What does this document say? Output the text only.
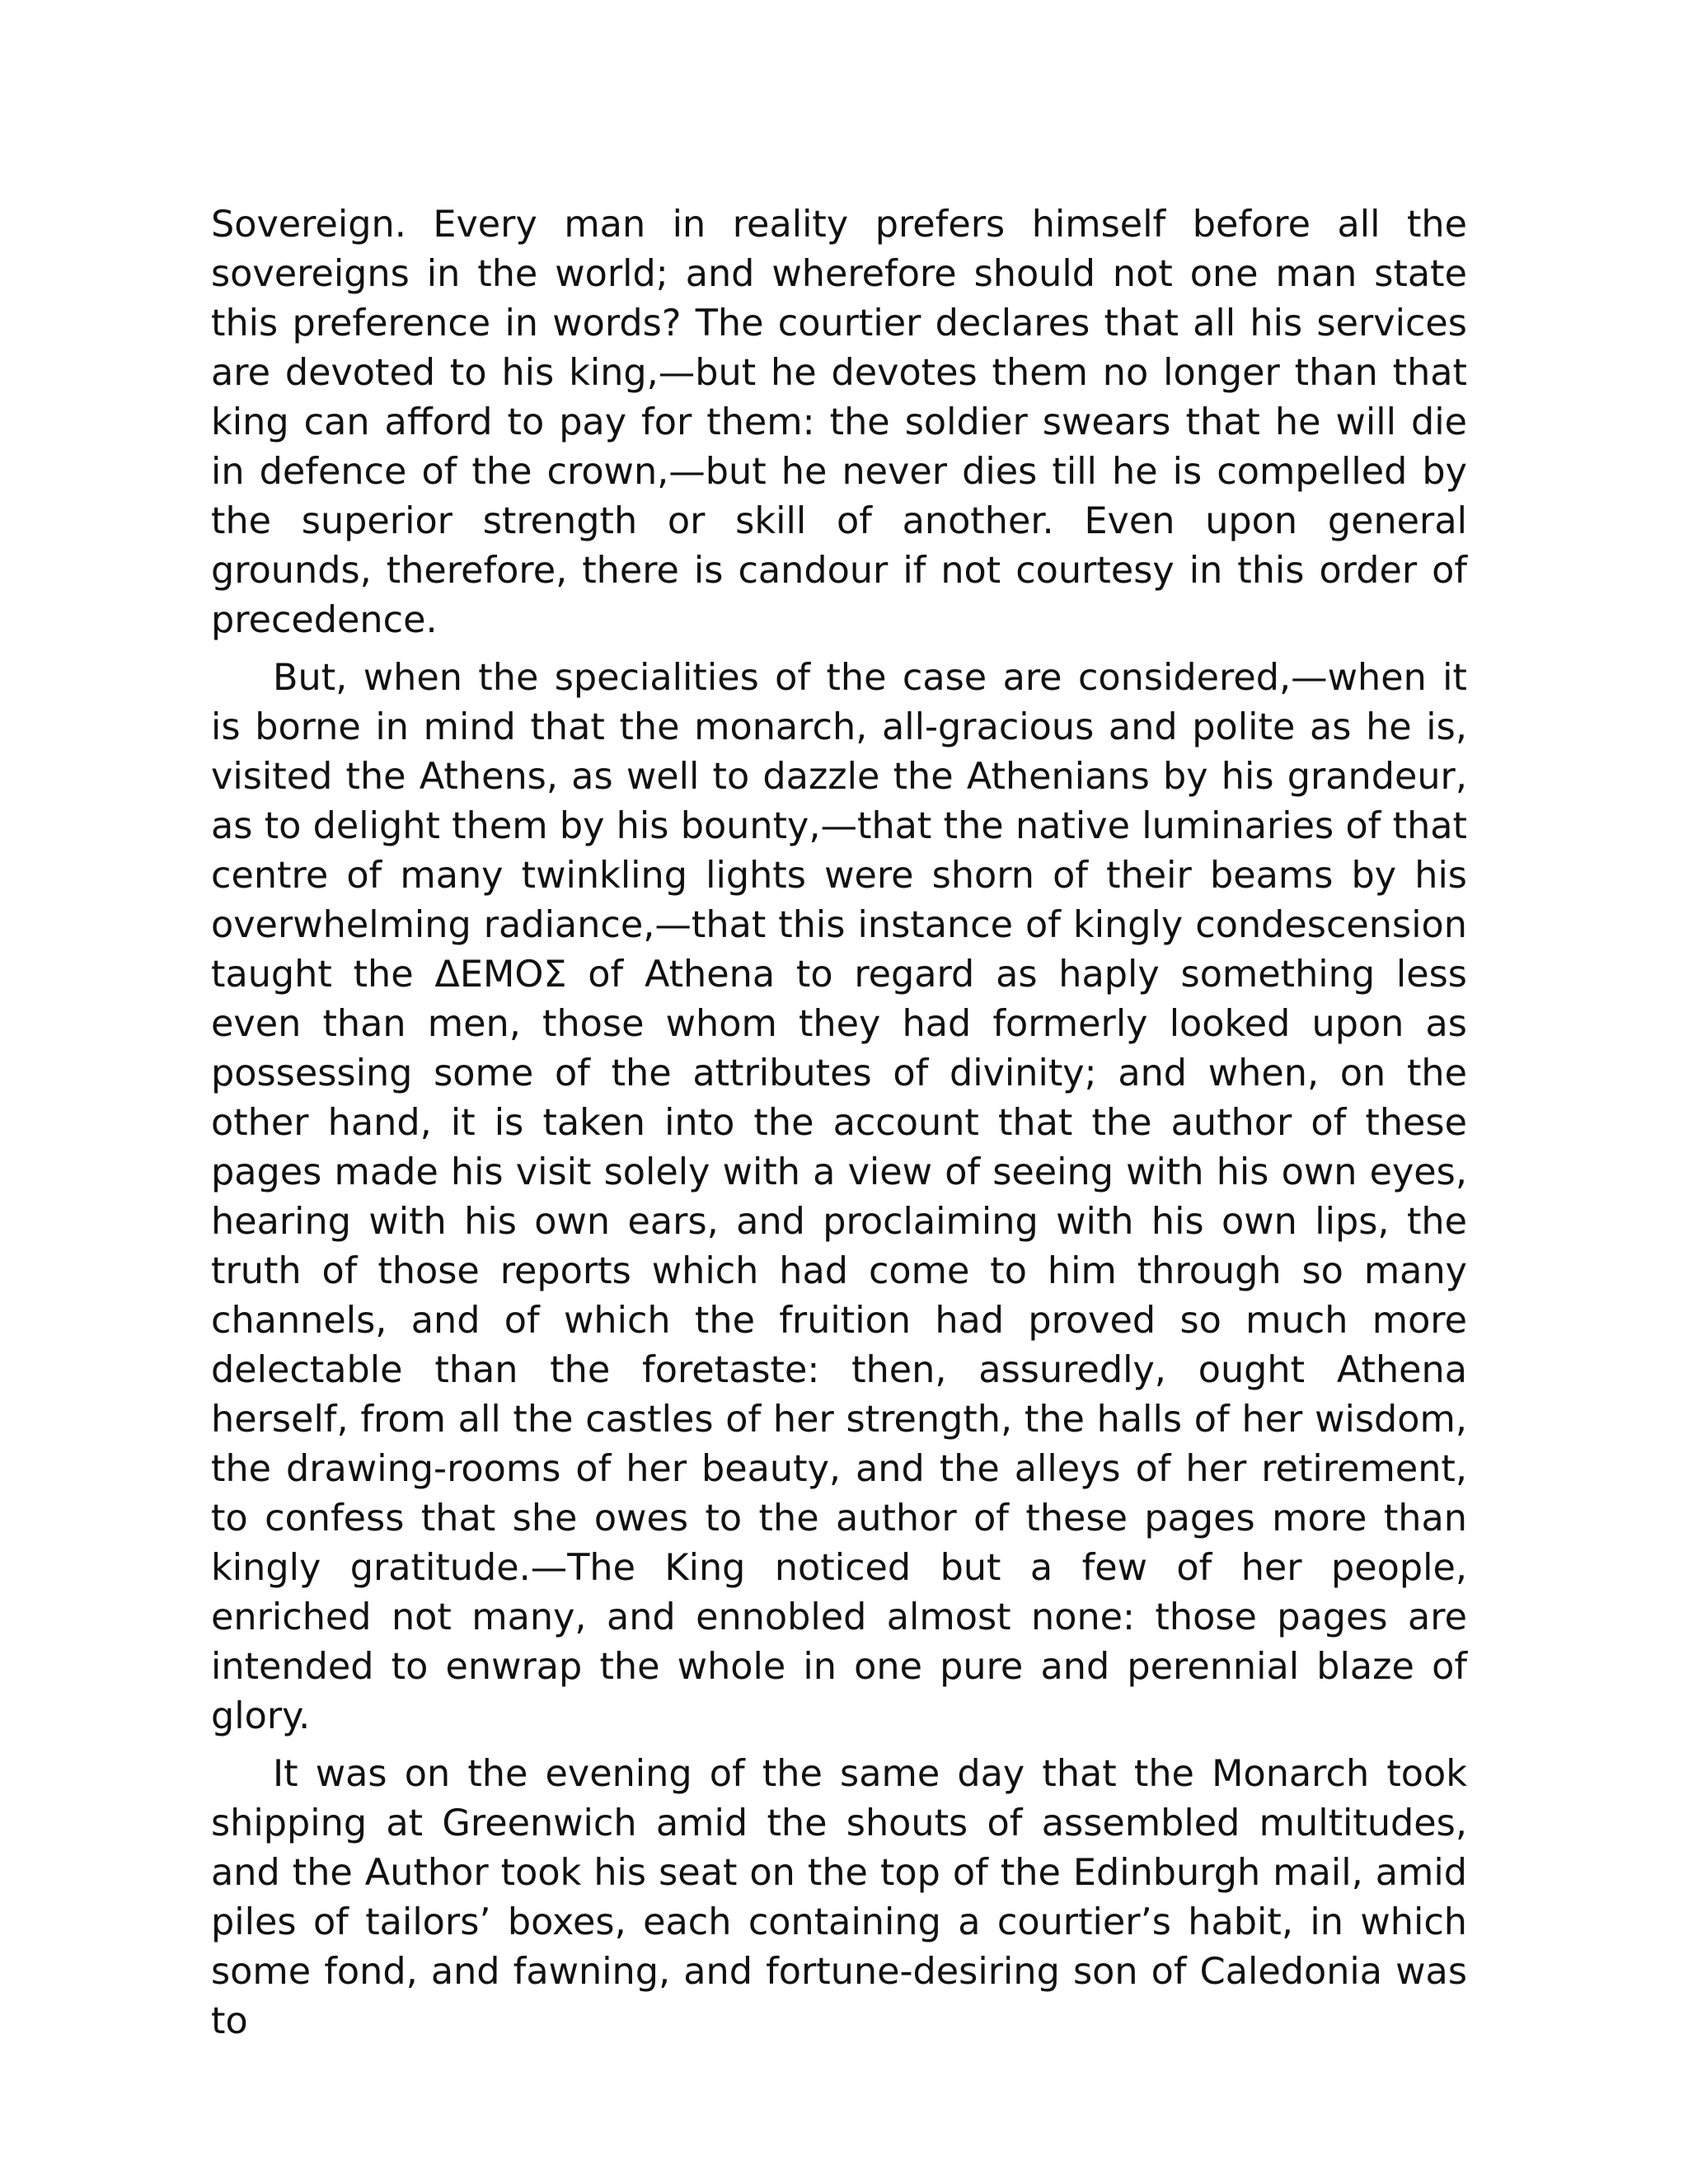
Sovereign. Every man in reality prefers himself before all the sovereigns in the world; and wherefore should not one man state this preference in words? The courtier declares that all his services are devoted to his king,—but he devotes them no longer than that king can afford to pay for them: the soldier swears that he will die in defence of the crown,—but he never dies till he is compelled by the superior strength or skill of another. Even upon general grounds, therefore, there is candour if not courtesy in this order of precedence.

But, when the specialities of the case are considered,—when it is borne in mind that the monarch, all-gracious and polite as he is, visited the Athens, as well to dazzle the Athenians by his grandeur, as to delight them by his bounty,—that the native luminaries of that centre of many twinkling lights were shorn of their beams by his overwhelming radiance,—that this instance of kingly condescension taught the ΔΕΜΟΣ of Athena to regard as haply something less even than men, those whom they had formerly looked upon as possessing some of the attributes of divinity; and when, on the other hand, it is taken into the account that the author of these pages made his visit solely with a view of seeing with his own eyes, hearing with his own ears, and proclaiming with his own lips, the truth of those reports which had come to him through so many channels, and of which the fruition had proved so much more delectable than the foretaste: then, assuredly, ought Athena herself, from all the castles of her strength, the halls of her wisdom, the drawing-rooms of her beauty, and the alleys of her retirement, to confess that she owes to the author of these pages more than kingly gratitude.—The King noticed but a few of her people, enriched not many, and ennobled almost none: those pages are intended to enwrap the whole in one pure and perennial blaze of glory.

It was on the evening of the same day that the Monarch took shipping at Greenwich amid the shouts of assembled multitudes, and the Author took his seat on the top of the Edinburgh mail, amid piles of tailors’ boxes, each containing a courtier’s habit, in which some fond, and fawning, and fortune-desiring son of Caledonia was to
